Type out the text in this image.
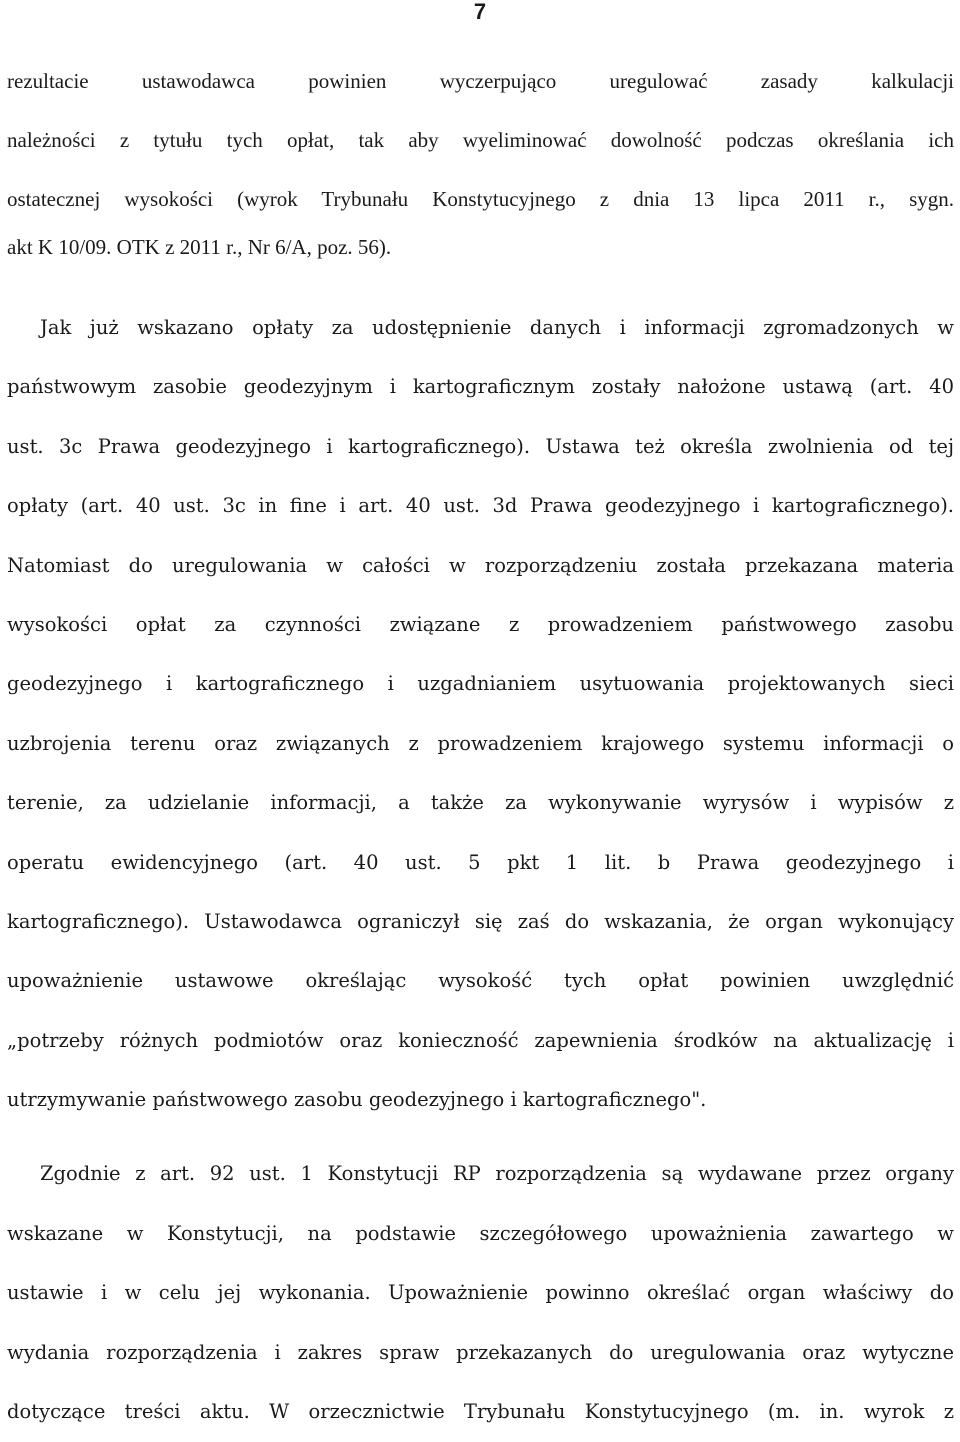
7

rezultacie ustawodawca powinien wyczerpująco uregulować zasady kalkulacji
należności z tytułu tych opłat, tak aby wyeliminować dowolność podczas określania ich
ostatecznej wysokości (wyrok Trybunału Konstytucyjnego z dnia 13 lipca 2011 r., sygn.

akt K 10/09. OTK z 2011 r., Nr 6/A, poz. 56).

Jak już wskazano opłaty za udostępnienie danych i informacji zgromadzonych w
państwowym zasobie geodezyjnym i kartograficznym zostały nałożone ustawą (art. 40
ust. 3c Prawa geodezyjnego i kartograficznego). Ustawa też określa zwolnienia od tej
opłaty (art. 40 ust. 3c in fine i art. 40 ust. 3d Prawa geodezyjnego i kartograficznego).
Natomiast do uregulowania w całości w rozporządzeniu została przekazana materia
wysokości opłat za czynności związane z prowadzeniem państwowego zasobu
geodezyjnego i kartograficznego i uzgadnianiem usytuowania projektowanych sieci
uzbrojenia terenu oraz związanych z prowadzeniem krajowego systemu informacji o
terenie, za udzielanie informacji, a także za wykonywanie wyrysów i wypisów z
operatu ewidencyjnego (art. 40 ust. 5 pkt 1 lit. b Prawa geodezyjnego i
kartograficznego). Ustawodawca ograniczył się zaś do wskazania, że organ wykonujący
upoważnienie ustawowe określając wysokość tych opłat powinien uwzględnić
„potrzeby różnych podmiotów oraz konieczność zapewnienia środków na aktualizację i
utrzymywanie państwowego zasobu geodezyjnego i kartograficznego".

Zgodnie z art. 92 ust. 1 Konstytucji RP rozporządzenia są wydawane przez organy
wskazane w Konstytucji, na podstawie szczegółowego upoważnienia zawartego w
ustawie i w celu jej wykonania. Upoważnienie powinno określać organ właściwy do
wydania rozporządzenia i zakres spraw przekazanych do uregulowania oraz wytyczne
dotyczące treści aktu. W orzecznictwie Trybunału Konstytucyjnego (m. in. wyrok z
